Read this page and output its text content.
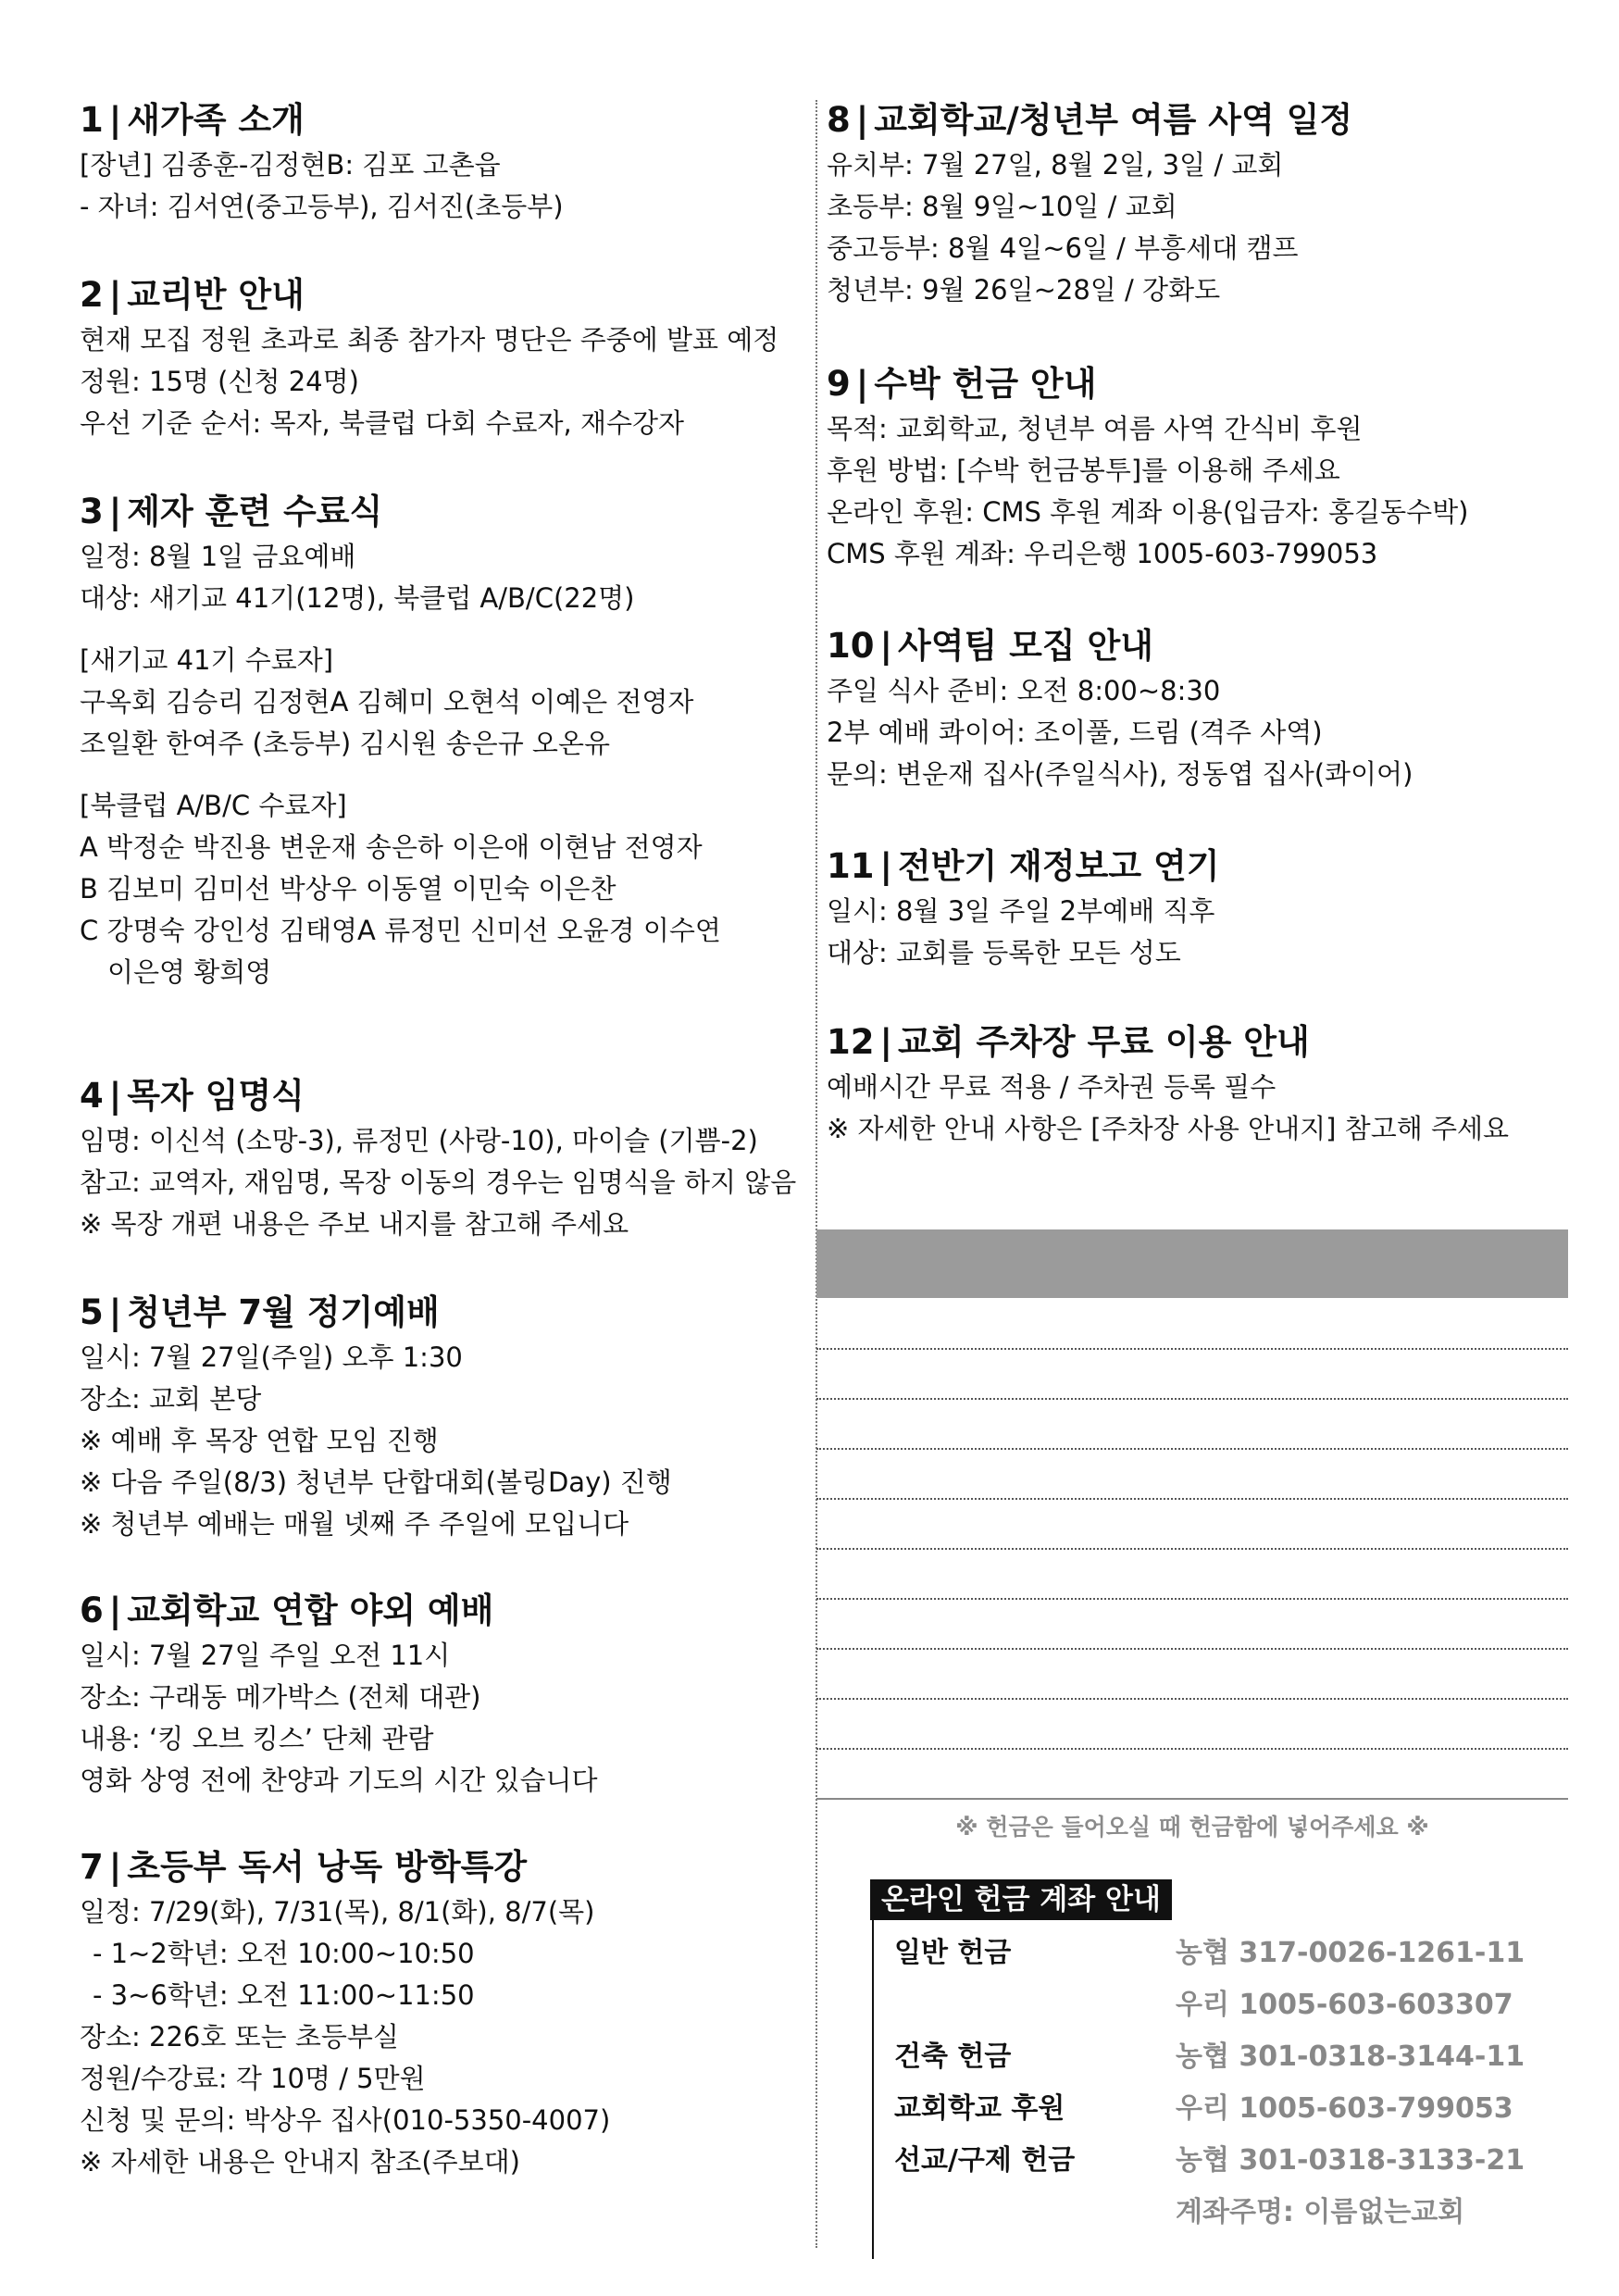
1 | 새가족 소개
[장년] 김종훈-김정현B: 김포 고촌읍
- 자녀: 김서연(중고등부), 김서진(초등부)
2 | 교리반 안내
현재 모집 정원 초과로 최종 참가자 명단은 주중에 발표 예정
정원: 15명 (신청 24명)
우선 기준 순서: 목자, 북클럽 다회 수료자, 재수강자
3 | 제자 훈련 수료식
일정: 8월 1일 금요예배
대상: 새기교 41기(12명), 북클럽 A/B/C(22명)
[새기교 41기 수료자]
구옥회 김승리 김정현A 김혜미 오현석 이예은 전영자
조일환 한여주 (초등부) 김시원 송은규 오온유
[북클럽 A/B/C 수료자]
A 박정순 박진용 변운재 송은하 이은애 이현남 전영자
B 김보미 김미선 박상우 이동열 이민숙 이은찬
C 강명숙 강인성 김태영A 류정민 신미선 오윤경 이수연
이은영 황희영
4 | 목자 임명식
임명: 이신석 (소망-3), 류정민 (사랑-10), 마이슬 (기쁨-2)
참고: 교역자, 재임명, 목장 이동의 경우는 임명식을 하지 않음
※ 목장 개편 내용은 주보 내지를 참고해 주세요
5 | 청년부 7월 정기예배
일시: 7월 27일(주일) 오후 1:30
장소: 교회 본당
※ 예배 후 목장 연합 모임 진행
※ 다음 주일(8/3) 청년부 단합대회(볼링Day) 진행
※ 청년부 예배는 매월 넷째 주 주일에 모입니다
6 | 교회학교 연합 야외 예배
일시: 7월 27일 주일 오전 11시
장소: 구래동 메가박스 (전체 대관)
내용: ‘킹 오브 킹스’ 단체 관람
영화 상영 전에 찬양과 기도의 시간 있습니다
7 | 초등부 독서 낭독 방학특강
일정: 7/29(화), 7/31(목), 8/1(화), 8/7(목)
- 1~2학년: 오전 10:00~10:50
- 3~6학년: 오전 11:00~11:50
장소: 226호 또는 초등부실
정원/수강료: 각 10명 / 5만원
신청 및 문의: 박상우 집사(010-5350-4007)
※ 자세한 내용은 안내지 참조(주보대)
8 | 교회학교/청년부 여름 사역 일정
유치부: 7월 27일, 8월 2일, 3일 / 교회
초등부: 8월 9일~10일 / 교회
중고등부: 8월 4일~6일 / 부흥세대 캠프
청년부: 9월 26일~28일 / 강화도
9 | 수박 헌금 안내
목적: 교회학교, 청년부 여름 사역 간식비 후원
후원 방법: [수박 헌금봉투]를 이용해 주세요
온라인 후원: CMS 후원 계좌 이용(입금자: 홍길동수박)
CMS 후원 계좌: 우리은행 1005-603-799053
10 | 사역팀 모집 안내
주일 식사 준비: 오전 8:00~8:30
2부 예배 콰이어: 조이풀, 드림 (격주 사역)
문의: 변운재 집사(주일식사), 정동엽 집사(콰이어)
11 | 전반기 재정보고 연기
일시: 8월 3일 주일 2부예배 직후
대상: 교회를 등록한 모든 성도
12 | 교회 주차장 무료 이용 안내
예배시간 무료 적용 / 주차권 등록 필수
※ 자세한 안내 사항은 [주차장 사용 안내지] 참고해 주세요
※ 헌금은 들어오실 때 헌금함에 넣어주세요 ※
온라인 헌금 계좌 안내
일반 헌금	농협 317-0026-1261-11
우리 1005-603-603307
건축 헌금	농협 301-0318-3144-11
교회학교 후원	우리 1005-603-799053
선교/구제 헌금	농협 301-0318-3133-21
계좌주명: 이름없는교회
